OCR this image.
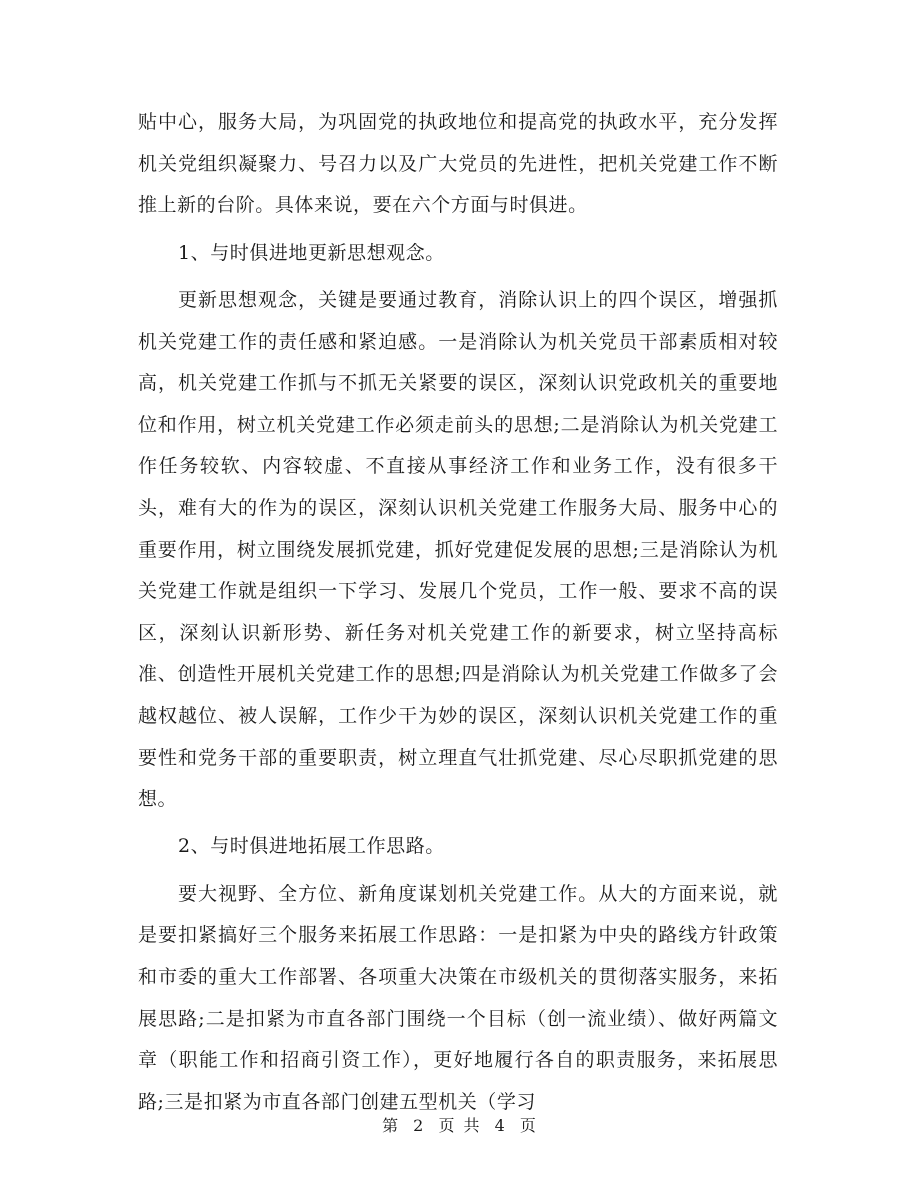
贴中心，服务大局，为巩固党的执政地位和提高党的执政水平，充分发挥机关党组织凝聚力、号召力以及广大党员的先进性，把机关党建工作不断推上新的台阶。具体来说，要在六个方面与时俱进。

1、与时俱进地更新思想观念。

更新思想观念，关键是要通过教育，消除认识上的四个误区，增强抓机关党建工作的责任感和紧迫感。一是消除认为机关党员干部素质相对较高，机关党建工作抓与不抓无关紧要的误区，深刻认识党政机关的重要地位和作用，树立机关党建工作必须走前头的思想;二是消除认为机关党建工作任务较软、内容较虚、不直接从事经济工作和业务工作，没有很多干头，难有大的作为的误区，深刻认识机关党建工作服务大局、服务中心的重要作用，树立围绕发展抓党建，抓好党建促发展的思想;三是消除认为机关党建工作就是组织一下学习、发展几个党员，工作一般、要求不高的误区，深刻认识新形势、新任务对机关党建工作的新要求，树立坚持高标准、创造性开展机关党建工作的思想;四是消除认为机关党建工作做多了会越权越位、被人误解，工作少干为妙的误区，深刻认识机关党建工作的重要性和党务干部的重要职责，树立理直气壮抓党建、尽心尽职抓党建的思想。

2、与时俱进地拓展工作思路。

要大视野、全方位、新角度谋划机关党建工作。从大的方面来说，就是要扣紧搞好三个服务来拓展工作思路：一是扣紧为中央的路线方针政策和市委的重大工作部署、各项重大决策在市级机关的贯彻落实服务，来拓展思路;二是扣紧为市直各部门围绕一个目标（创一流业绩）、做好两篇文章（职能工作和招商引资工作），更好地履行各自的职责服务，来拓展思路;三是扣紧为市直各部门创建五型机关（学习

第 2 页 共 4 页
